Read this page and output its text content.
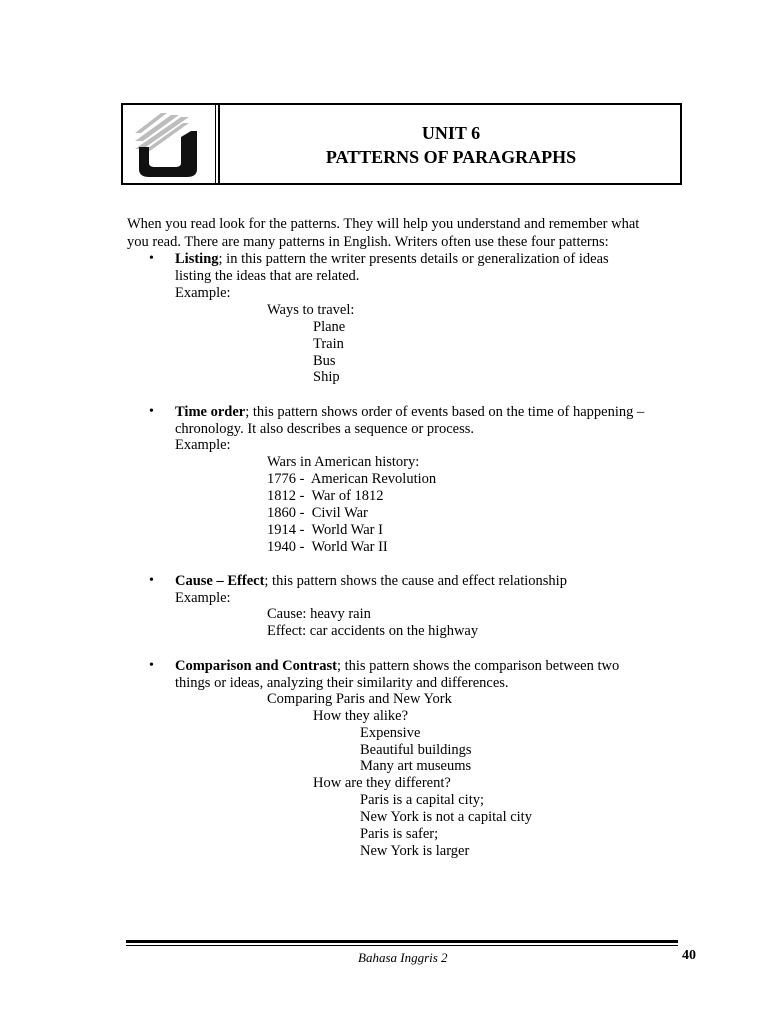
UNIT 6
PATTERNS OF PARAGRAPHS
When you read look for the patterns. They will help you understand and remember what
you read. There are many patterns in English. Writers often use these four patterns:
• Listing; in this pattern the writer presents details or generalization of ideas
listing the ideas that are related.
Example:
Ways to travel:
Plane
Train
Bus
Ship
• Time order; this pattern shows order of events based on the time of happening –
chronology. It also describes a sequence or process.
Example:
Wars in American history:
1776 -  American Revolution
1812 -  War of 1812
1860 -  Civil War
1914 -  World War I
1940 -  World War II
• Cause – Effect; this pattern shows the cause and effect relationship
Example:
Cause: heavy rain
Effect: car accidents on the highway
• Comparison and Contrast; this pattern shows the comparison between two
things or ideas, analyzing their similarity and differences.
Comparing Paris and New York
How they alike?
Expensive
Beautiful buildings
Many art museums
How are they different?
Paris is a capital city;
New York is not a capital city
Paris is safer;
New York is larger
Bahasa Inggris 2	40
